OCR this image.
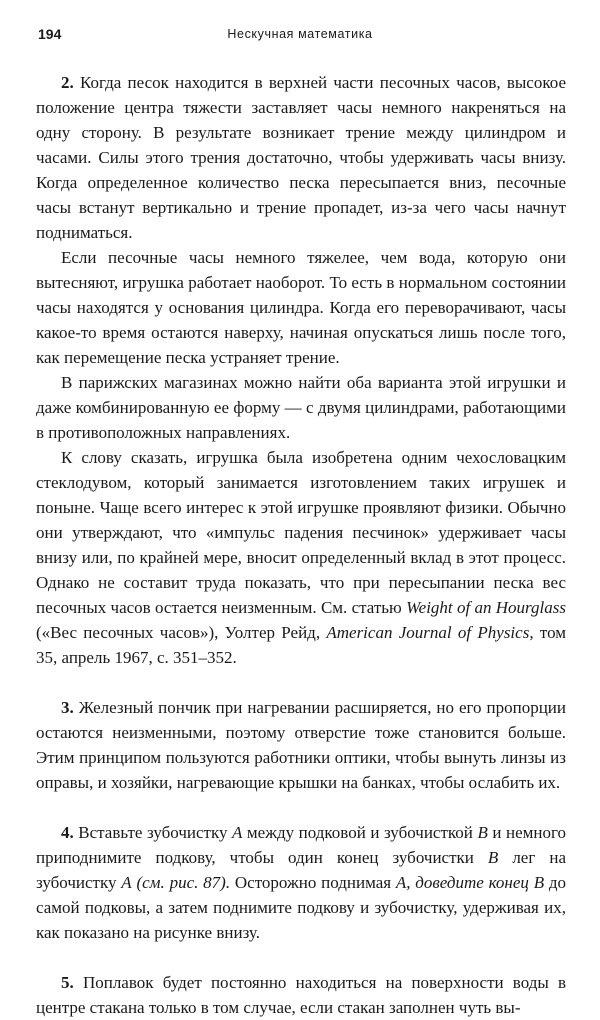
194	Нескучная математика

2. Когда песок находится в верхней части песочных часов, высокое положение центра тяжести заставляет часы немного накреняться на одну сторону. В результате возникает трение между цилиндром и часами. Силы этого трения достаточно, чтобы удерживать часы внизу. Когда определенное количество песка пересыпается вниз, песочные часы встанут вертикально и трение пропадет, из-за чего часы начнут подниматься.

Если песочные часы немного тяжелее, чем вода, которую они вытесняют, игрушка работает наоборот. То есть в нормальном состоянии часы находятся у основания цилиндра. Когда его переворачивают, часы какое-то время остаются наверху, начиная опускаться лишь после того, как перемещение песка устраняет трение.

В парижских магазинах можно найти оба варианта этой игрушки и даже комбинированную ее форму — с двумя цилиндрами, работающими в противоположных направлениях.

К слову сказать, игрушка была изобретена одним чехословацким стеклодувом, который занимается изготовлением таких игрушек и поныне. Чаще всего интерес к этой игрушке проявляют физики. Обычно они утверждают, что «импульс падения песчинок» удерживает часы внизу или, по крайней мере, вносит определенный вклад в этот процесс. Однако не составит труда показать, что при пересыпании песка вес песочных часов остается неизменным. См. статью Weight of an Hourglass («Вес песочных часов»), Уолтер Рейд, American Journal of Physics, том 35, апрель 1967, с. 351–352.

3. Железный пончик при нагревании расширяется, но его пропорции остаются неизменными, поэтому отверстие тоже становится больше. Этим принципом пользуются работники оптики, чтобы вынуть линзы из оправы, и хозяйки, нагревающие крышки на банках, чтобы ослабить их.

4. Вставьте зубочистку A между подковой и зубочисткой B и немного приподнимите подкову, чтобы один конец зубочистки B лег на зубочистку A (см. рис. 87). Осторожно поднимая A, доведите конец B до самой подковы, а затем поднимите подкову и зубочистку, удерживая их, как показано на рисунке внизу.

5. Поплавок будет постоянно находиться на поверхности воды в центре стакана только в том случае, если стакан заполнен чуть вы-
